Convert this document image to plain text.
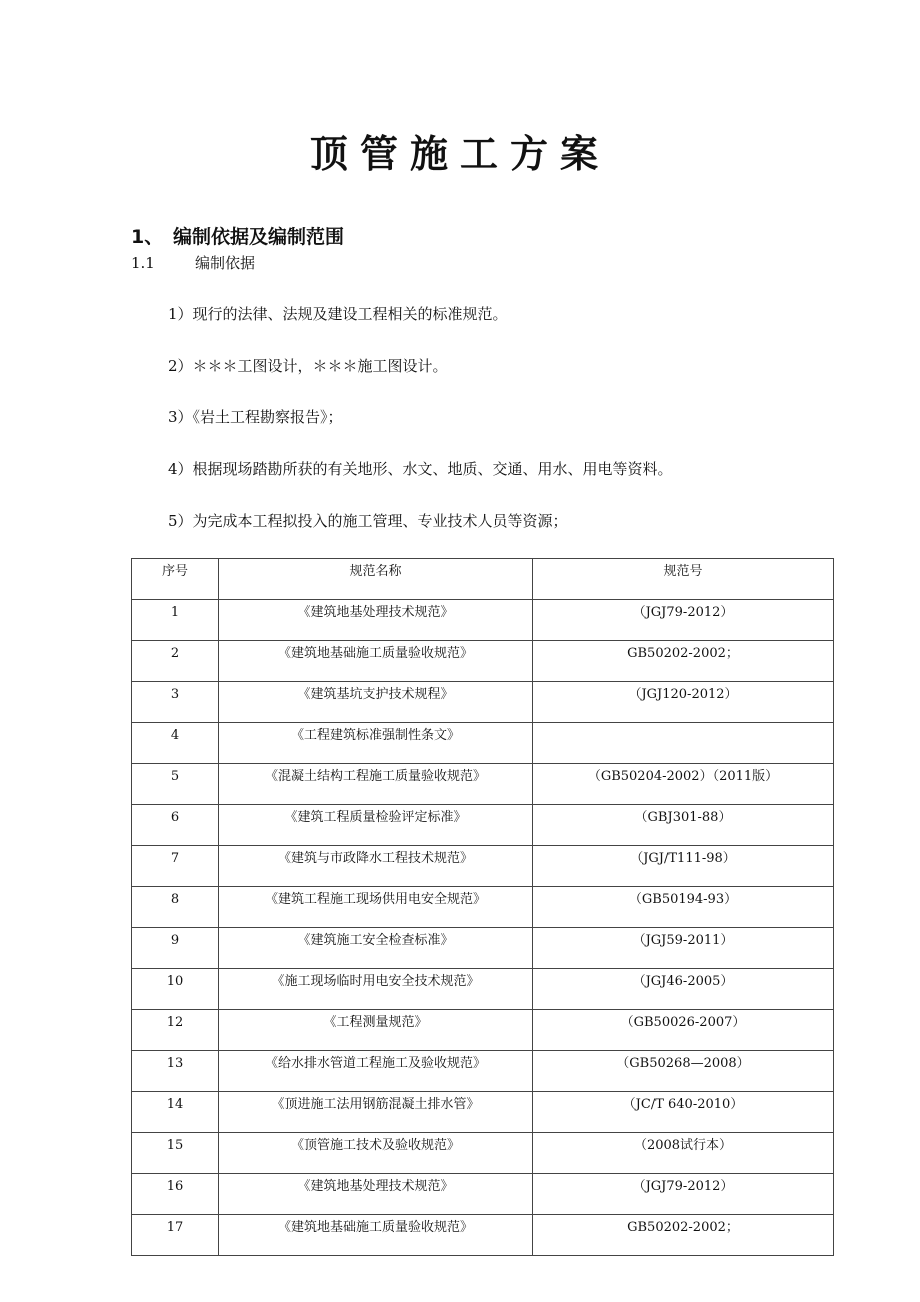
顶管施工方案
1、 编制依据及编制范围
1.1	编制依据
1）现行的法律、法规及建设工程相关的标准规范。
2）＊＊＊工图设计，＊＊＊施工图设计。
3）《岩土工程勘察报告》；
4）根据现场踏勘所获的有关地形、水文、地质、交通、用水、用电等资料。
5）为完成本工程拟投入的施工管理、专业技术人员等资源；
序号	规范名称	规范号
1	《建筑地基处理技术规范》	（JGJ79-2012）
2	《建筑地基础施工质量验收规范》	GB50202-2002；
3	《建筑基坑支护技术规程》	（JGJ120-2012）
4	《工程建筑标准强制性条文》	
5	《混凝土结构工程施工质量验收规范》	（GB50204-2002）（2011版）
6	《建筑工程质量检验评定标准》	（GBJ301-88）
7	《建筑与市政降水工程技术规范》	（JGJ/T111-98）
8	《建筑工程施工现场供用电安全规范》	（GB50194-93）
9	《建筑施工安全检查标准》	（JGJ59-2011）
10	《施工现场临时用电安全技术规范》	（JGJ46-2005）
12	《工程测量规范》	（GB50026-2007）
13	《给水排水管道工程施工及验收规范》	（GB50268—2008）
14	《顶进施工法用钢筋混凝土排水管》	（JC/T 640-2010）
15	《顶管施工技术及验收规范》	（2008试行本）
16	《建筑地基处理技术规范》	（JGJ79-2012）
17	《建筑地基础施工质量验收规范》	GB50202-2002；
